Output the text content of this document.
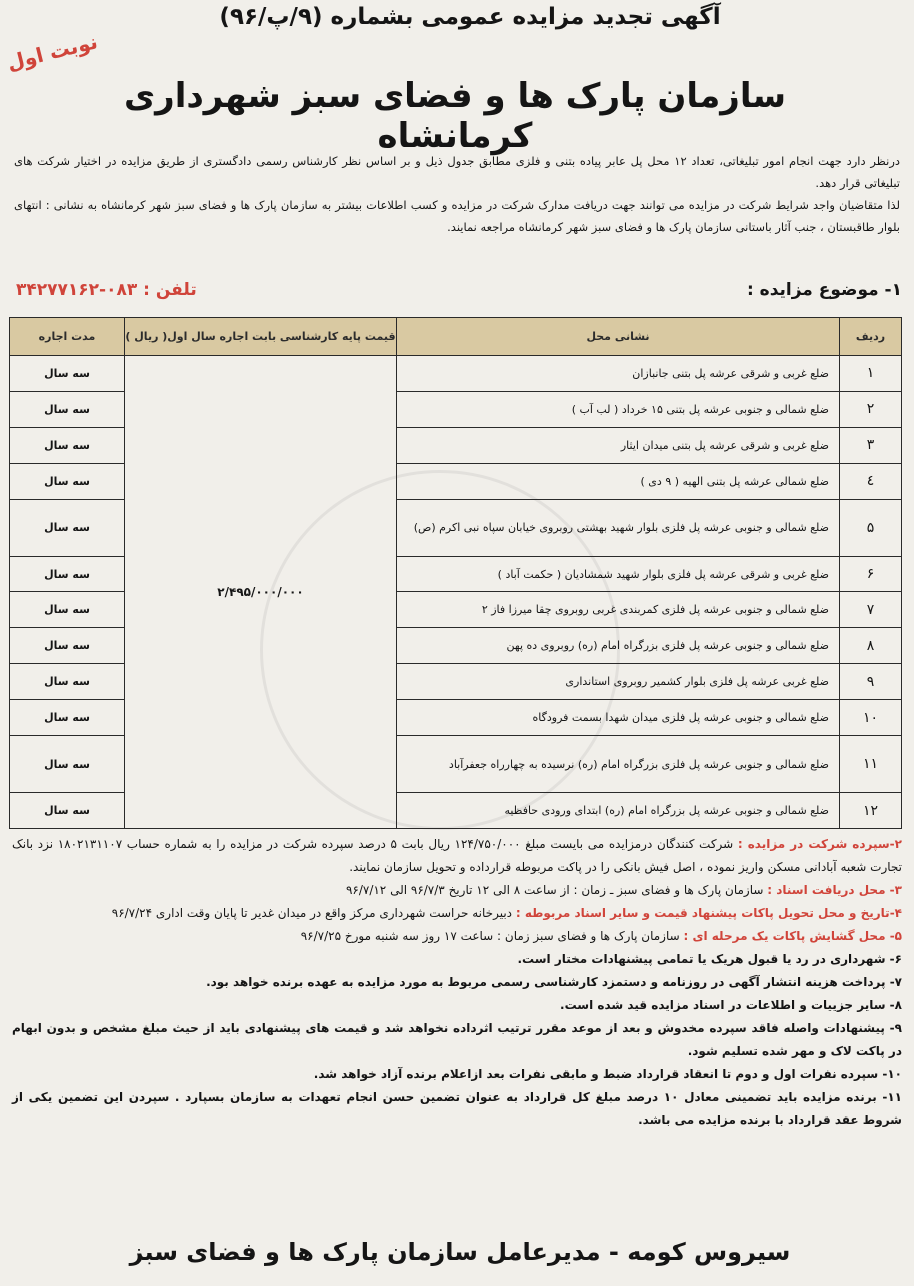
آگهی تجدید مزایده عمومی بشماره (۹/پ/۹۶)
نوبت اول
سازمان پارک ها و فضای سبز شهرداری کرمانشاه

درنظر دارد جهت انجام امور تبلیغاتی، تعداد ۱۲ محل پل عابر پیاده بتنی و فلزی مطابق جدول ذیل و بر اساس نظر کارشناس رسمی دادگستری از طریق مزایده در اختیار شرکت های تبلیغاتی قرار دهد.

لذا متقاضیان واجد شرایط شرکت در مزایده می توانند جهت دریافت مدارک شرکت در مزایده و کسب اطلاعات بیشتر به سازمان پارک ها و فضای سبز شهر کرمانشاه به نشانی : انتهای بلوار طاقبستان ، جنب آثار باستانی سازمان پارک ها و فضای سبز شهر کرمانشاه مراجعه نمایند.

۱- موضوع مزایده :
تلفن : ۰۸۳-۳۴۲۷۷۱۶۲
ردیف	نشانی محل	قیمت پایه کارشناسی بابت اجاره سال اول( ریال )	مدت اجاره
۱	ضلع غربی و شرقی عرشه پل بتنی جانبازان	۲/۴۹۵/۰۰۰/۰۰۰	سه سال
۲	ضلع شمالی و جنوبی عرشه پل بتنی ۱۵ خرداد ( لب آب )		سه سال
۳	ضلع غربی و شرقی عرشه پل بتنی میدان ایثار		سه سال
٤	ضلع شمالی عرشه پل بتنی الهیه ( ۹ دی )		سه سال
۵	ضلع شمالی و جنوبی عرشه پل فلزی بلوار شهید بهشتی روبروی خیابان سپاه نبی اکرم (ص)		سه سال
۶	ضلع غربی و شرقی عرشه پل فلزی بلوار شهید شمشادیان ( حکمت آباد )		سه سال
۷	ضلع شمالی و جنوبی عرشه پل فلزی کمربندی غربی روبروی چقا میرزا فاز ۲		سه سال
۸	ضلع شمالی و جنوبی عرشه پل فلزی بزرگراه امام (ره) روبروی ده پهن		سه سال
۹	ضلع غربی عرشه پل فلزی بلوار کشمیر روبروی استانداری		سه سال
۱۰	ضلع شمالی و جنوبی عرشه پل فلزی میدان شهدا بسمت فرودگاه		سه سال
۱۱	ضلع شمالی و جنوبی عرشه پل فلزی بزرگراه امام (ره) نرسیده به چهارراه جعفرآباد		سه سال
۱۲	ضلع شمالی و جنوبی عرشه پل بزرگراه امام (ره) ابتدای ورودی حافظیه		سه سال

۲-سپرده شرکت در مزایده : شرکت کنندگان درمزایده می بایست مبلغ ۱۲۴/۷۵۰/۰۰۰ ریال بابت ۵ درصد سپرده شرکت در مزایده را به شماره حساب ۱۸۰۲۱۳۱۱۰۷ نزد بانک تجارت شعبه آبادانی مسکن واریز نموده ، اصل فیش بانکی را در پاکت مربوطه قرارداده و تحویل سازمان نمایند.

۳- محل دریافت اسناد : سازمان پارک ها و فضای سبز ـ زمان : از ساعت ۸ الی ۱۲ تاریخ ۹۶/۷/۳ الی ۹۶/۷/۱۲

۴-تاریخ و محل تحویل پاکات پیشنهاد قیمت و سایر اسناد مربوطه : دبیرخانه حراست شهرداری مرکز واقع در میدان غدیر تا پایان وقت اداری ۹۶/۷/۲۴

۵- محل گشایش پاکات یک مرحله ای : سازمان پارک ها و فضای سبز زمان : ساعت ۱۷ روز سه شنبه مورخ ۹۶/۷/۲۵

۶- شهرداری در رد یا قبول هریک یا تمامی پیشنهادات مختار است.

۷- پرداخت هزینه انتشار آگهی در روزنامه و دستمزد کارشناسی رسمی مربوط به مورد مزایده به عهده برنده خواهد بود.

۸- سایر جزییات و اطلاعات در اسناد مزایده قید شده است.

۹- پیشنهادات واصله فاقد سپرده مخدوش و بعد از موعد مقرر ترتیب اثرداده نخواهد شد و قیمت های پیشنهادی باید از حیث مبلغ مشخص و بدون ابهام در پاکت لاک و مهر شده تسلیم شود.

۱۰- سپرده نفرات اول و دوم تا انعقاد قرارداد ضبط و مابقی نفرات بعد ازاعلام برنده آزاد خواهد شد.

۱۱- برنده مزایده باید تضمینی معادل ۱۰ درصد مبلغ کل قرارداد به عنوان تضمین حسن انجام تعهدات به سازمان بسپارد . سپردن این تضمین یکی از شروط عقد قرارداد با برنده مزایده می باشد.

سیروس کومه - مدیرعامل سازمان پارک ها و فضای سبز
